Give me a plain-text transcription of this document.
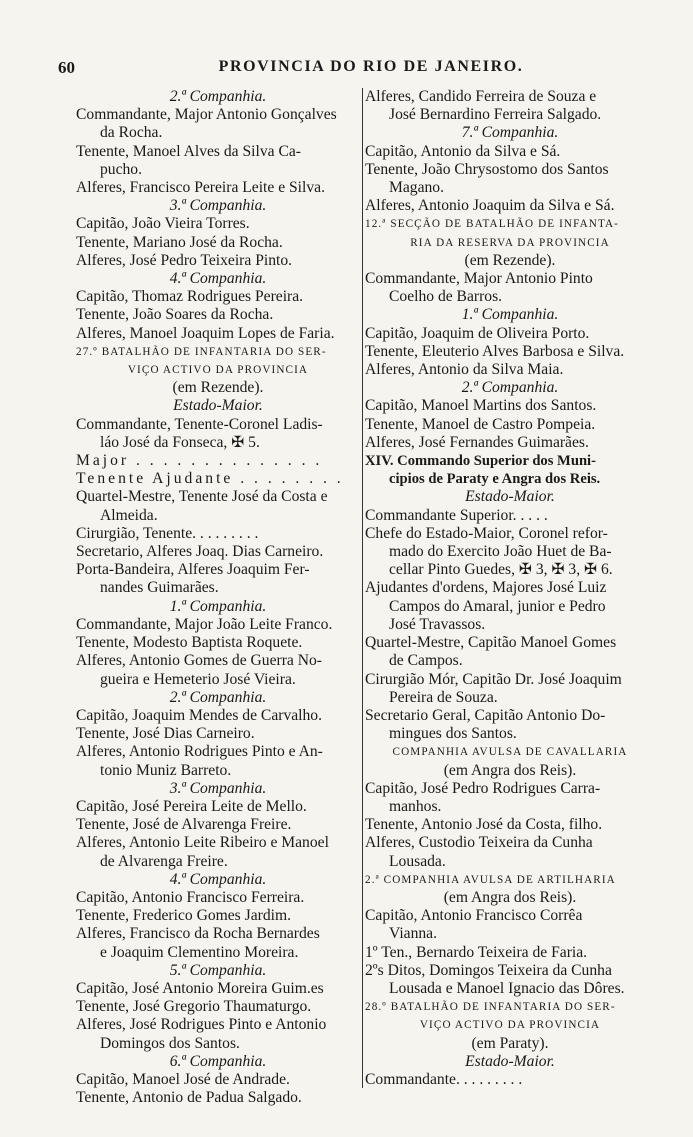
60	PROVINCIA DO RIO DE JANEIRO.
2.ª Companhia.
Commandante, Major Antonio Gonçalves
da Rocha.
Tenente, Manoel Alves da Silva Ca-
pucho.
Alferes, Francisco Pereira Leite e Silva.
3.ª Companhia.
Capitão, João Vieira Torres.
Tenente, Mariano José da Rocha.
Alferes, José Pedro Teixeira Pinto.
4.ª Companhia.
Capitão, Thomaz Rodrigues Pereira.
Tenente, João Soares da Rocha.
Alferes, Manoel Joaquim Lopes de Faria.
27.º BATALHÃO DE INFANTARIA DO SER-
VIÇO ACTIVO DA PROVINCIA
(em Rezende).
Estado-Maior.
Commandante, Tenente-Coronel Ladis-
láo José da Fonseca, ✠ 5.
Major . . . . . . . . . . . . . .
Tenente Ajudante . . . . . . . .
Quartel-Mestre, Tenente José da Costa e
Almeida.
Cirurgião, Tenente. . . . . . . . .
Secretario, Alferes Joaq. Dias Carneiro.
Porta-Bandeira, Alferes Joaquim Fer-
nandes Guimarães.
1.ª Companhia.
Commandante, Major João Leite Franco.
Tenente, Modesto Baptista Roquete.
Alferes, Antonio Gomes de Guerra No-
gueira e Hemeterio José Vieira.
2.ª Companhia.
Capitão, Joaquim Mendes de Carvalho.
Tenente, José Dias Carneiro.
Alferes, Antonio Rodrigues Pinto e An-
tonio Muniz Barreto.
3.ª Companhia.
Capitão, José Pereira Leite de Mello.
Tenente, José de Alvarenga Freire.
Alferes, Antonio Leite Ribeiro e Manoel
de Alvarenga Freire.
4.ª Companhia.
Capitão, Antonio Francisco Ferreira.
Tenente, Frederico Gomes Jardim.
Alferes, Francisco da Rocha Bernardes
e Joaquim Clementino Moreira.
5.ª Companhia.
Capitão, José Antonio Moreira Guim.es
Tenente, José Gregorio Thaumaturgo.
Alferes, José Rodrigues Pinto e Antonio
Domingos dos Santos.
6.ª Companhia.
Capitão, Manoel José de Andrade.
Tenente, Antonio de Padua Salgado.
Alferes, Candido Ferreira de Souza e
José Bernardino Ferreira Salgado.
7.ª Companhia.
Capitão, Antonio da Silva e Sá.
Tenente, João Chrysostomo dos Santos
Magano.
Alferes, Antonio Joaquim da Silva e Sá.
12.ª SECÇÃO DE BATALHÃO DE INFANTA-
RIA DA RESERVA DA PROVINCIA
(em Rezende).
Commandante, Major Antonio Pinto
Coelho de Barros.
1.ª Companhia.
Capitão, Joaquim de Oliveira Porto.
Tenente, Eleuterio Alves Barbosa e Silva.
Alferes, Antonio da Silva Maia.
2.ª Companhia.
Capitão, Manoel Martins dos Santos.
Tenente, Manoel de Castro Pompeia.
Alferes, José Fernandes Guimarães.
XIV. Commando Superior dos Muni-
cipios de Paraty e Angra dos Reis.
Estado-Maior.
Commandante Superior. . . . .
Chefe do Estado-Maior, Coronel refor-
mado do Exercito João Huet de Ba-
cellar Pinto Guedes, ✠ 3, ✠ 3, ✠ 6.
Ajudantes d'ordens, Majores José Luiz
Campos do Amaral, junior e Pedro
José Travassos.
Quartel-Mestre, Capitão Manoel Gomes
de Campos.
Cirurgião Mór, Capitão Dr. José Joaquim
Pereira de Souza.
Secretario Geral, Capitão Antonio Do-
mingues dos Santos.
COMPANHIA AVULSA DE CAVALLARIA
(em Angra dos Reis).
Capitão, José Pedro Rodrigues Carra-
manhos.
Tenente, Antonio José da Costa, filho.
Alferes, Custodio Teixeira da Cunha
Lousada.
2.ª COMPANHIA AVULSA DE ARTILHARIA
(em Angra dos Reis).
Capitão, Antonio Francisco Corrêa
Vianna.
1º Ten., Bernardo Teixeira de Faria.
2ºs Ditos, Domingos Teixeira da Cunha
Lousada e Manoel Ignacio das Dôres.
28.º BATALHÃO DE INFANTARIA DO SER-
VIÇO ACTIVO DA PROVINCIA
(em Paraty).
Estado-Maior.
Commandante. . . . . . . . .
